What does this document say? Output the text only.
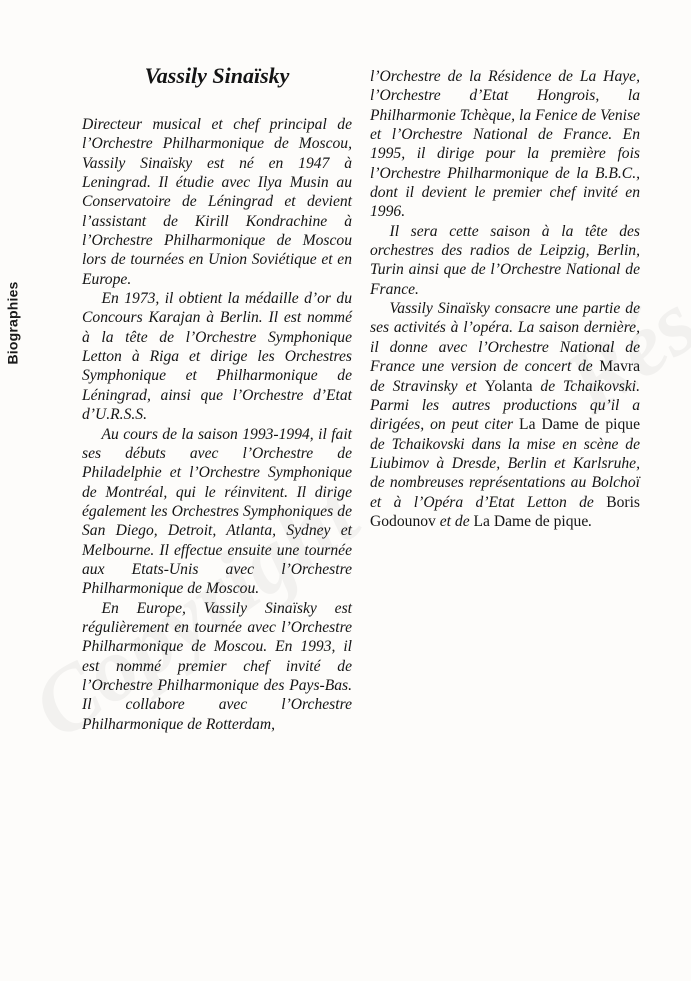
Biographies
Vassily Sinaïsky

Directeur musical et chef principal de l’Orchestre Philharmonique de Moscou, Vassily Sinaïsky est né en 1947 à Leningrad. Il étudie avec Ilya Musin au Conservatoire de Léningrad et devient l’assistant de Kirill Kondrachine à l’Orchestre Philharmonique de Moscou lors de tournées en Union Soviétique et en Europe.

En 1973, il obtient la médaille d’or du Concours Karajan à Berlin. Il est nommé à la tête de l’Orchestre Symphonique Letton à Riga et dirige les Orchestres Symphonique et Philharmonique de Léningrad, ainsi que l’Orchestre d’Etat d’U.R.S.S.

Au cours de la saison 1993-1994, il fait ses débuts avec l’Orchestre de Philadelphie et l’Orchestre Symphonique de Montréal, qui le réinvitent. Il dirige également les Orchestres Symphoniques de San Diego, Detroit, Atlanta, Sydney et Melbourne. Il effectue ensuite une tournée aux Etats-Unis avec l’Orchestre Philharmonique de Moscou.

En Europe, Vassily Sinaïsky est régulièrement en tournée avec l’Orchestre Philharmonique de Moscou. En 1993, il est nommé premier chef invité de l’Orchestre Philharmonique des Pays-Bas. Il collabore avec l’Orchestre Philharmonique de Rotterdam,

l’Orchestre de la Résidence de La Haye, l’Orchestre d’Etat Hongrois, la Philharmonie Tchèque, la Fenice de Venise et l’Orchestre National de France. En 1995, il dirige pour la première fois l’Orchestre Philharmonique de la B.B.C., dont il devient le premier chef invité en 1996.

Il sera cette saison à la tête des orchestres des radios de Leipzig, Berlin, Turin ainsi que de l’Orchestre National de France.

Vassily Sinaïsky consacre une partie de ses activités à l’opéra. La saison dernière, il donne avec l’Orchestre National de France une version de concert de Mavra de Stravinsky et Yolanta de Tchaikovski. Parmi les autres productions qu’il a dirigées, on peut citer La Dame de pique de Tchaikovski dans la mise en scène de Liubimov à Dresde, Berlin et Karlsruhe, de nombreuses représentations au Bolchoï et à l’Opéra d’Etat Letton de Boris Godounov et de La Dame de pique.
